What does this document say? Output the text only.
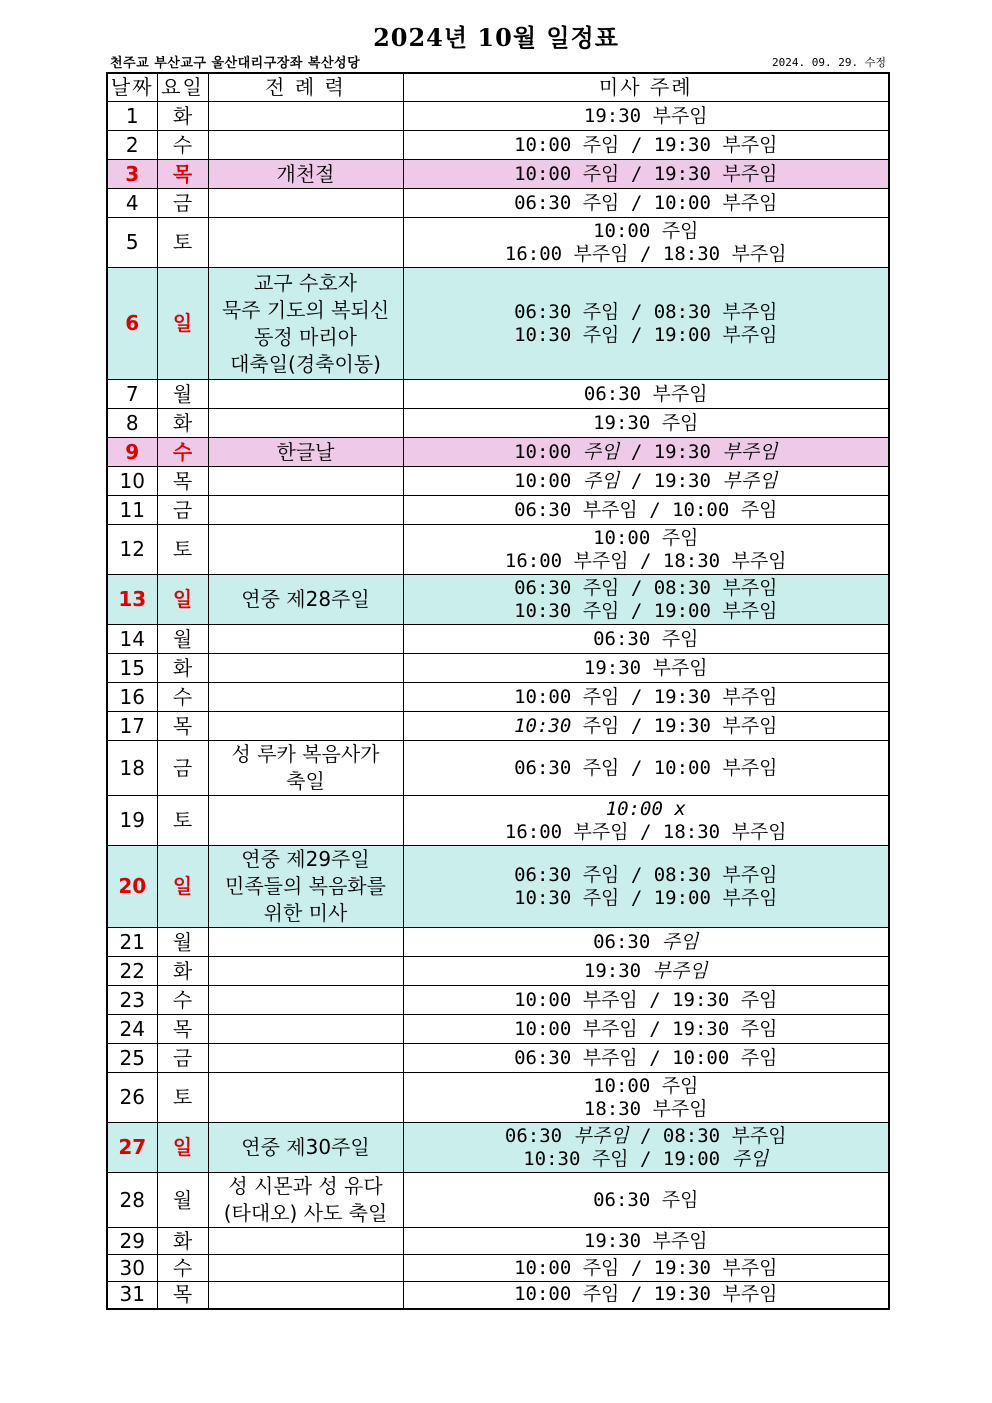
2024년 10월 일정표
천주교 부산교구 울산대리구장좌 복산성당	2024. 09. 29. 수정
날짜	요일	전 례 력	미사 주례
1	화		19:30 부주임

2	수		10:00 주임 / 19:30 부주임

3	목	개천절	10:00 주임 / 19:30 부주임

4	금		06:30 주임 / 10:00 부주임

5	토		10:00 주임
16:00 부주임 / 18:30 부주임

6	일	교구 수호자
묵주 기도의 복되신
동정 마리아
대축일(경축이동)	06:30 주임 / 08:30 부주임
10:30 주임 / 19:00 부주임

7	월		06:30 부주임

8	화		19:30 주임

9	수	한글날	10:00 주임 / 19:30 부주임

10	목		10:00 주임 / 19:30 부주임

11	금		06:30 부주임 / 10:00 주임

12	토		10:00 주임
16:00 부주임 / 18:30 부주임

13	일	연중 제28주일	06:30 주임 / 08:30 부주임
10:30 주임 / 19:00 부주임

14	월		06:30 주임

15	화		19:30 부주임

16	수		10:00 주임 / 19:30 부주임

17	목		10:30 주임 / 19:30 부주임

18	금	성 루카 복음사가
축일	06:30 주임 / 10:00 부주임

19	토		10:00 x
16:00 부주임 / 18:30 부주임

20	일	연중 제29주일
민족들의 복음화를
위한 미사	06:30 주임 / 08:30 부주임
10:30 주임 / 19:00 부주임

21	월		06:30 주임

22	화		19:30 부주임

23	수		10:00 부주임 / 19:30 주임

24	목		10:00 부주임 / 19:30 주임

25	금		06:30 부주임 / 10:00 주임

26	토		10:00 주임
18:30 부주임

27	일	연중 제30주일	06:30 부주임 / 08:30 부주임
10:30 주임 / 19:00 주임

28	월	성 시몬과 성 유다
(타대오) 사도 축일	06:30 주임

29	화		19:30 부주임

30	수		10:00 주임 / 19:30 부주임

31	목		10:00 주임 / 19:30 부주임
